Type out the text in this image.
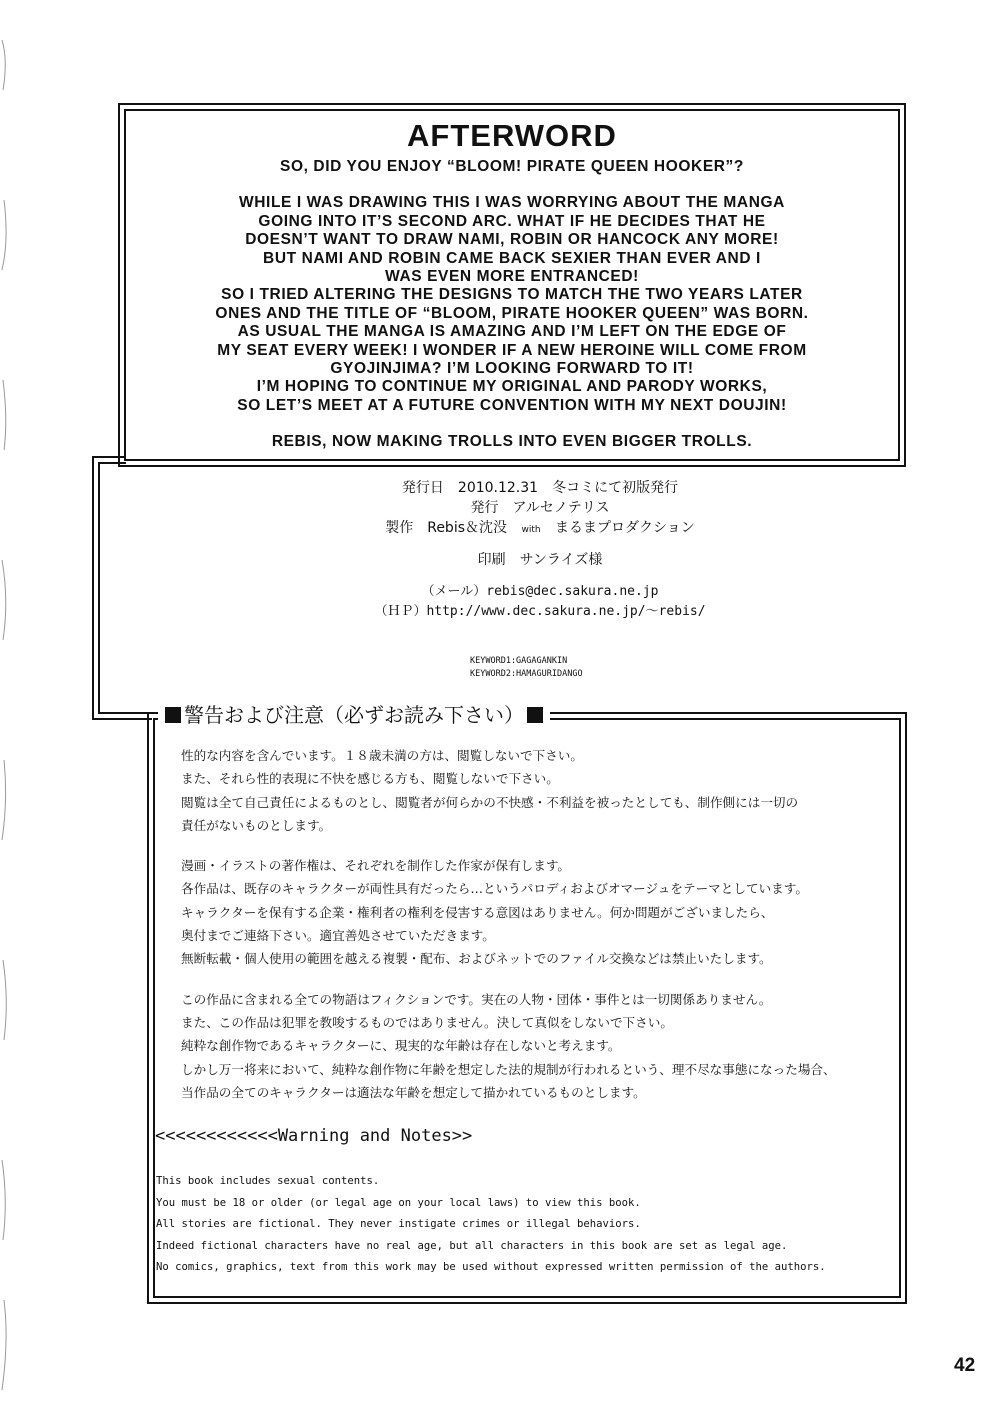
AFTERWORD
SO, DID YOU ENJOY “BLOOM! PIRATE QUEEN HOOKER”?
WHILE I WAS DRAWING THIS I WAS WORRYING ABOUT THE MANGA
GOING INTO IT’S SECOND ARC. WHAT IF HE DECIDES THAT HE
DOESN’T WANT TO DRAW NAMI, ROBIN OR HANCOCK ANY MORE!
BUT NAMI AND ROBIN CAME BACK SEXIER THAN EVER AND I
WAS EVEN MORE ENTRANCED!
SO I TRIED ALTERING THE DESIGNS TO MATCH THE TWO YEARS LATER
ONES AND THE TITLE OF “BLOOM, PIRATE HOOKER QUEEN” WAS BORN.
AS USUAL THE MANGA IS AMAZING AND I’M LEFT ON THE EDGE OF
MY SEAT EVERY WEEK! I WONDER IF A NEW HEROINE WILL COME FROM
GYOJINJIMA? I’M LOOKING FORWARD TO IT!
I’M HOPING TO CONTINUE MY ORIGINAL AND PARODY WORKS,
SO LET’S MEET AT A FUTURE CONVENTION WITH MY NEXT DOUJIN!
REBIS, NOW MAKING TROLLS INTO EVEN BIGGER TROLLS.
発行日　2010.12.31　冬コミにて初版発行
発行　アルセノテリス
製作　Rebis＆沈没 with まるまプロダクション
印刷　サンライズ様
（メール）rebis@dec.sakura.ne.jp
（ＨＰ）http://www.dec.sakura.ne.jp/～rebis/
KEYWORD1:GAGAGANKIN
KEYWORD2:HAMAGURIDANGO
警告および注意（必ずお読み下さい）
性的な内容を含んでいます。１８歳未満の方は、閲覧しないで下さい。
また、それら性的表現に不快を感じる方も、閲覧しないで下さい。
閲覧は全て自己責任によるものとし、閲覧者が何らかの不快感・不利益を被ったとしても、制作側には一切の
責任がないものとします。
漫画・イラストの著作権は、それぞれを制作した作家が保有します。
各作品は、既存のキャラクターが両性具有だったら…というパロディおよびオマージュをテーマとしています。
キャラクターを保有する企業・権利者の権利を侵害する意図はありません。何か問題がございましたら、
奥付までご連絡下さい。適宜善処させていただきます。
無断転載・個人使用の範囲を越える複製・配布、およびネットでのファイル交換などは禁止いたします。
この作品に含まれる全ての物語はフィクションです。実在の人物・団体・事件とは一切関係ありません。
また、この作品は犯罪を教唆するものではありません。決して真似をしないで下さい。
純粋な創作物であるキャラクターに、現実的な年齢は存在しないと考えます。
しかし万一将来において、純粋な創作物に年齢を想定した法的規制が行われるという、理不尽な事態になった場合、
当作品の全てのキャラクターは適法な年齢を想定して描かれているものとします。
<<<<<<<<<<<<Warning and Notes>>
This book includes sexual contents.
You must be 18 or older (or legal age on your local laws) to view this book.
All stories are fictional. They never instigate crimes or illegal behaviors.
Indeed fictional characters have no real age, but all characters in this book are set as legal age.
No comics, graphics, text from this work may be used without expressed written permission of the authors.
42
